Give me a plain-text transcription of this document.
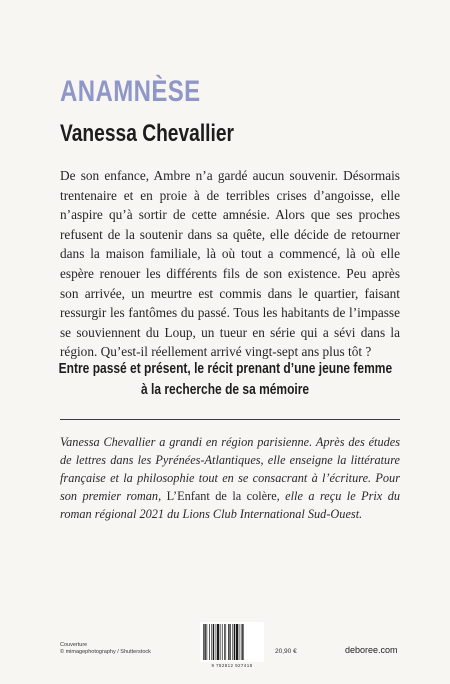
ANAMNÈSE
Vanessa Chevallier

De son enfance, Ambre n’a gardé aucun souvenir. Désormais trentenaire et en proie à de terribles crises d’angoisse, elle n’aspire qu’à sortir de cette amnésie. Alors que ses proches refusent de la soutenir dans sa quête, elle décide de retourner dans la maison familiale, là où tout a commencé, là où elle espère renouer les différents fils de son existence. Peu après son arrivée, un meurtre est commis dans le quartier, faisant ressurgir les fantômes du passé. Tous les habitants de l’impasse se souviennent du Loup, un tueur en série qui a sévi dans la région. Qu’est-il réellement arrivé vingt-sept ans plus tôt ?

Entre passé et présent, le récit prenant d’une jeune femme
à la recherche de sa mémoire

Vanessa Chevallier a grandi en région parisienne. Après des études de lettres dans les Pyrénées-Atlantiques, elle enseigne la littérature française et la philosophie tout en se consacrant à l’écriture. Pour son premier roman, L’Enfant de la colère, elle a reçu le Prix du roman régional 2021 du Lions Club International Sud-Ouest.

Couverture
© mimagephotography / Shutterstock
9 782812 927418
20,90 €	deboree.com
